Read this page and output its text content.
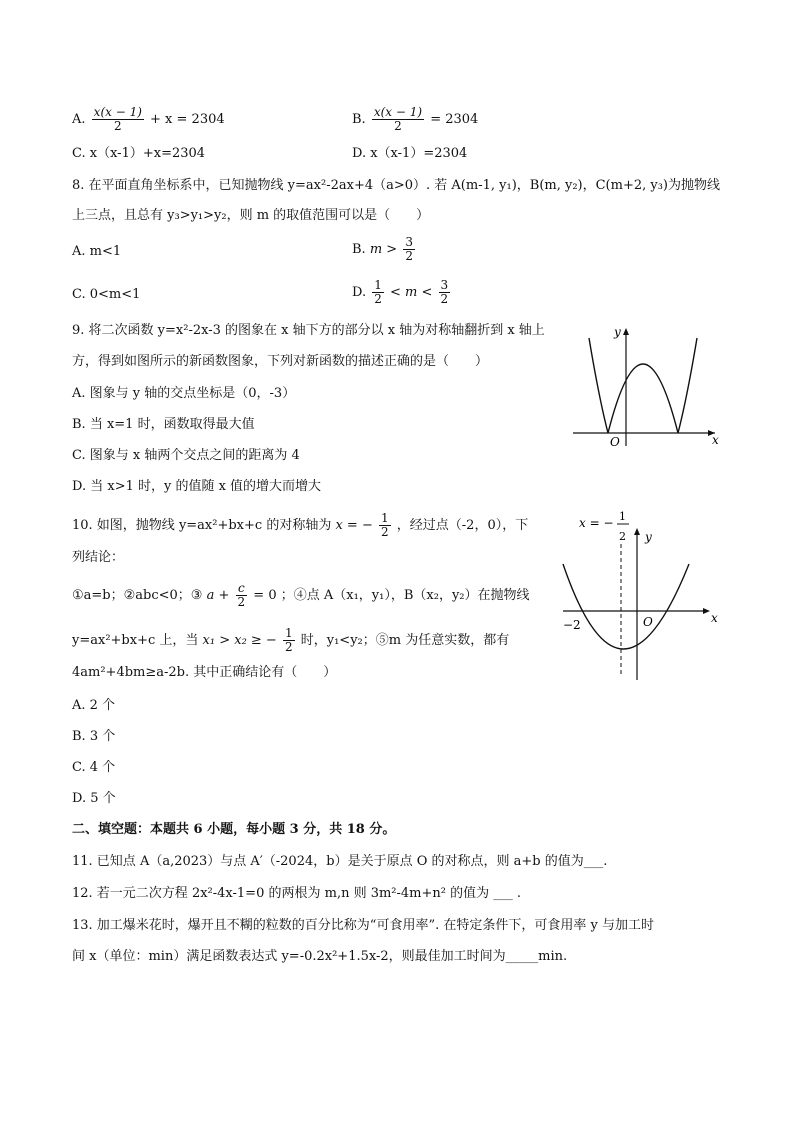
A. $\frac{x(x - 1)}{2} + x = 2304$	B. $\frac{x(x - 1)}{2} = 2304$
C. x（x-1）+x=2304	D. x（x-1）=2304
8. 在平面直角坐标系中，已知抛物线 y=ax²-2ax+4（a>0）. 若 A(m-1, y₁)，B(m, y₂)，C(m+2, y₃)为抛物线
上三点，且总有 y₃>y₁>y₂，则 m 的取值范围可以是（　　）
A. m<1	B. $m > \frac{3}{2}$
C. 0<m<1	D. $\frac{1}{2} < m < \frac{3}{2}$
9. 将二次函数 y=x²-2x-3 的图象在 x 轴下方的部分以 x 轴为对称轴翻折到 x 轴上
方，得到如图所示的新函数图象，下列对新函数的描述正确的是（　　）
A. 图象与 y 轴的交点坐标是（0，-3）
B. 当 x=1 时，函数取得最大值
C. 图象与 x 轴两个交点之间的距离为 4
D. 当 x>1 时，y 的值随 x 值的增大而增大
y
x
O
10. 如图，抛物线 y=ax²+bx+c 的对称轴为 x = − $\frac{1}{2}$ ，经过点（-2，0），下
列结论：
①a=b；②abc<0；③ $a + \frac{c}{2} = 0$ ；④点 A（x₁，y₁），B（x₂，y₂）在抛物线
y=ax²+bx+c 上，当 x₁ > x₂ ≥ − $\frac{1}{2}$ 时，y₁<y₂；⑤m 为任意实数，都有
4am²+4bm≥a-2b. 其中正确结论有（　　）
A. 2 个
B. 3 个
C. 4 个
D. 5 个
x = − 1
2 y
x
O
−2
二、填空题：本题共 6 小题，每小题 3 分，共 18 分。
11. 已知点 A（a,2023）与点 A′（-2024，b）是关于原点 O 的对称点，则 a+b 的值为___.
12. 若一元二次方程 2x²-4x-1=0 的两根为 m,n 则 3m²-4m+n² 的值为 ___ .
13. 加工爆米花时，爆开且不糊的粒数的百分比称为“可食用率”. 在特定条件下，可食用率 y 与加工时
间 x（单位：min）满足函数表达式 y=-0.2x²+1.5x-2，则最佳加工时间为_____min.
